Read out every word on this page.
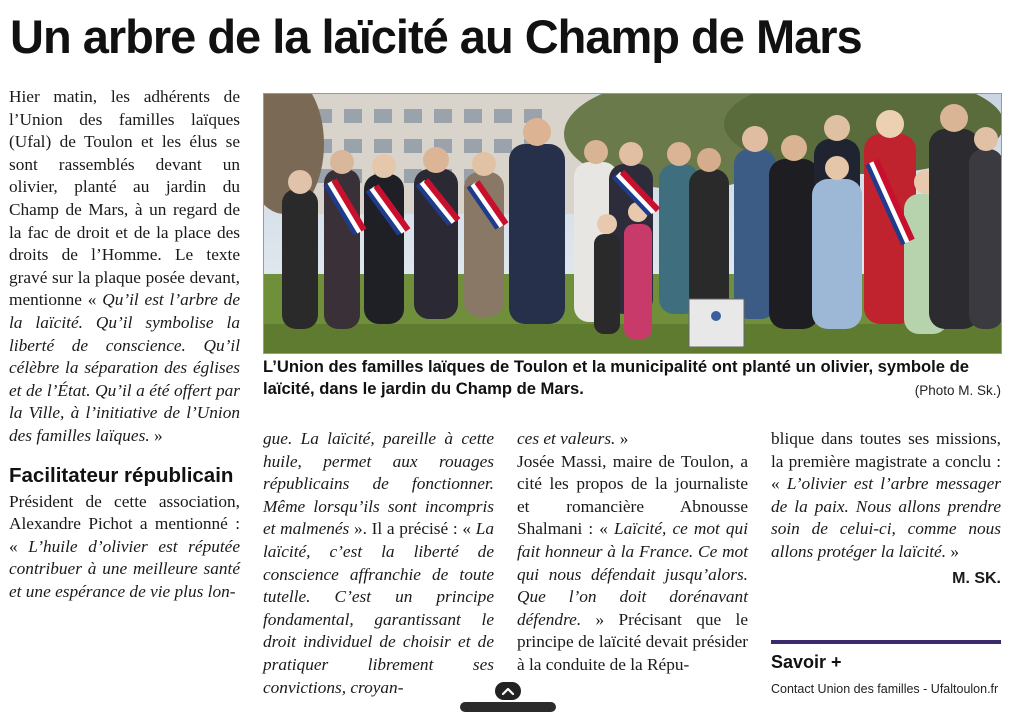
Un arbre de la laïcité au Champ de Mars

Hier matin, les adhérents de l’Union des familles laïques (Ufal) de Toulon et les élus se sont rassemblés devant un olivier, planté au jardin du Champ de Mars, à un regard de la fac de droit et de la place des droits de l’Homme. Le texte gravé sur la plaque posée devant, mentionne « Qu’il est l’arbre de la laïcité. Qu’il symbolise la liberté de conscience. Qu’il célèbre la séparation des églises et de l’État. Qu’il a été offert par la Ville, à l’initiative de l’Union des familles laïques. »

Facilitateur républicain

Président de cette association, Alexandre Pichot a mentionné : « L’huile d’olivier est réputée contribuer à une meilleure santé et une espérance de vie plus lon-

L’Union des familles laïques de Toulon et la municipalité ont planté un olivier, symbole de laïcité, dans le jardin du Champ de Mars.	(Photo M. Sk.)

gue. La laïcité, pareille à cette huile, permet aux rouages républicains de fonctionner. Même lorsqu’ils sont incompris et malmenés ». Il a précisé : « La laïcité, c’est la liberté de conscience affranchie de toute tutelle. C’est un principe fondamental, garantissant le droit individuel de choisir et de pratiquer librement ses convictions, croyan-

ces et valeurs. »

Josée Massi, maire de Toulon, a cité les propos de la journaliste et romancière Abnousse Shalmani : « Laïcité, ce mot qui fait honneur à la France. Ce mot qui nous défendait jusqu’alors. Que l’on doit dorénavant défendre. » Précisant que le principe de laïcité devait présider à la conduite de la Répu-

blique dans toutes ses missions, la première magistrate a conclu : « L’olivier est l’arbre messager de la paix. Nous allons prendre soin de celui-ci, comme nous allons protéger la laïcité. »

M. SK.
Savoir +
Contact Union des familles - Ufaltoulon.fr
